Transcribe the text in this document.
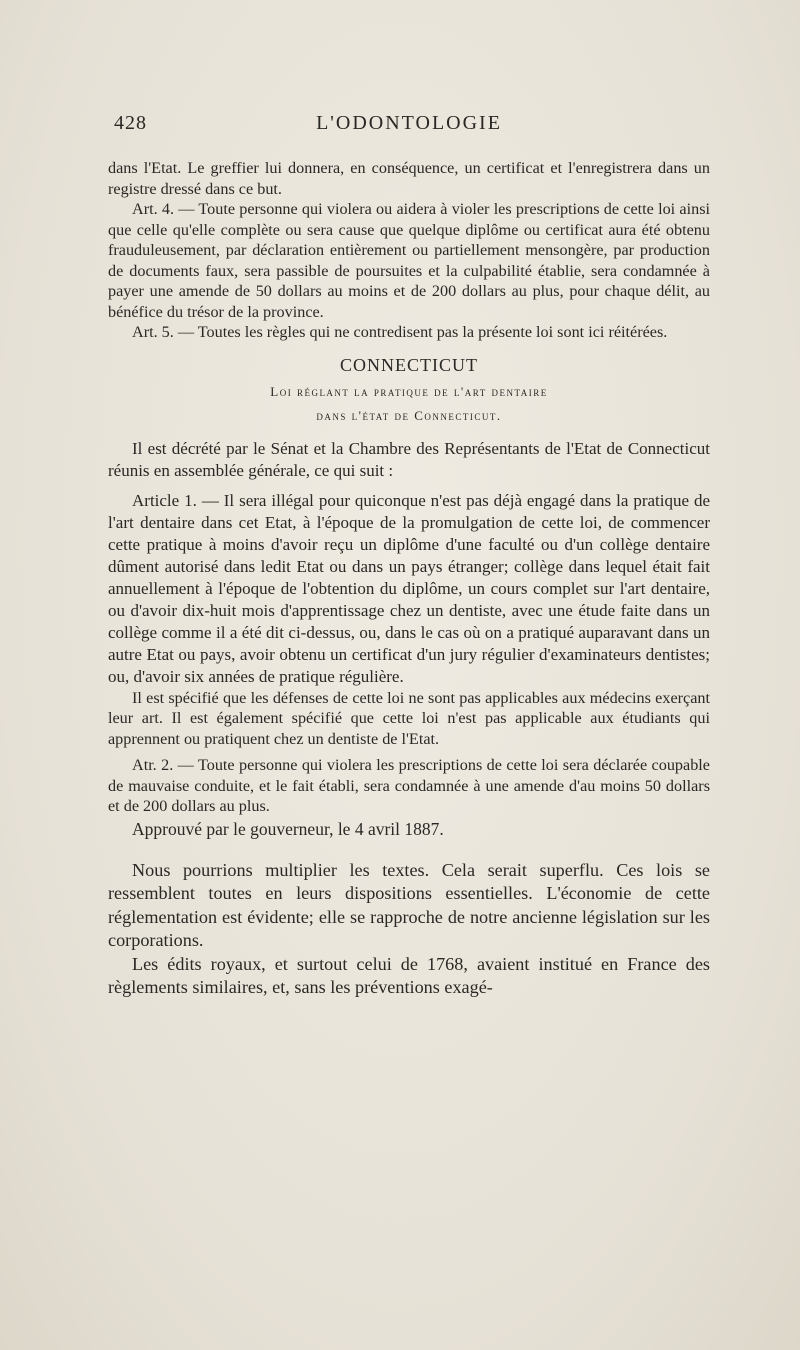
428	L'ODONTOLOGIE

dans l'Etat. Le greffier lui donnera, en conséquence, un certificat et l'enregistrera dans un registre dressé dans ce but.

Art. 4. — Toute personne qui violera ou aidera à violer les prescriptions de cette loi ainsi que celle qu'elle complète ou sera cause que quelque diplôme ou certificat aura été obtenu frauduleusement, par déclaration entièrement ou partiellement mensongère, par production de documents faux, sera passible de poursuites et la culpabilité établie, sera condamnée à payer une amende de 50 dollars au moins et de 200 dollars au plus, pour chaque délit, au bénéfice du trésor de la province.

Art. 5. — Toutes les règles qui ne contredisent pas la présente loi sont ici réitérées.

CONNECTICUT
Loi réglant la pratique de l'art dentaire
dans l'état de Connecticut.

Il est décrété par le Sénat et la Chambre des Représentants de l'Etat de Connecticut réunis en assemblée générale, ce qui suit :

Article 1. — Il sera illégal pour quiconque n'est pas déjà engagé dans la pratique de l'art dentaire dans cet Etat, à l'époque de la promulgation de cette loi, de commencer cette pratique à moins d'avoir reçu un diplôme d'une faculté ou d'un collège dentaire dûment autorisé dans ledit Etat ou dans un pays étranger; collège dans lequel était fait annuellement à l'époque de l'obtention du diplôme, un cours complet sur l'art dentaire, ou d'avoir dix-huit mois d'apprentissage chez un dentiste, avec une étude faite dans un collège comme il a été dit ci-dessus, ou, dans le cas où on a pratiqué auparavant dans un autre Etat ou pays, avoir obtenu un certificat d'un jury régulier d'examinateurs dentistes; ou, d'avoir six années de pratique régulière.

Il est spécifié que les défenses de cette loi ne sont pas applicables aux médecins exerçant leur art. Il est également spécifié que cette loi n'est pas applicable aux étudiants qui apprennent ou pratiquent chez un dentiste de l'Etat.

Atr. 2. — Toute personne qui violera les prescriptions de cette loi sera déclarée coupable de mauvaise conduite, et le fait établi, sera condamnée à une amende d'au moins 50 dollars et de 200 dollars au plus.

Approuvé par le gouverneur, le 4 avril 1887.

Nous pourrions multiplier les textes. Cela serait superflu. Ces lois se ressemblent toutes en leurs dispositions essentielles. L'économie de cette réglementation est évidente; elle se rapproche de notre ancienne législation sur les corporations.

Les édits royaux, et surtout celui de 1768, avaient institué en France des règlements similaires, et, sans les préventions exagé-
